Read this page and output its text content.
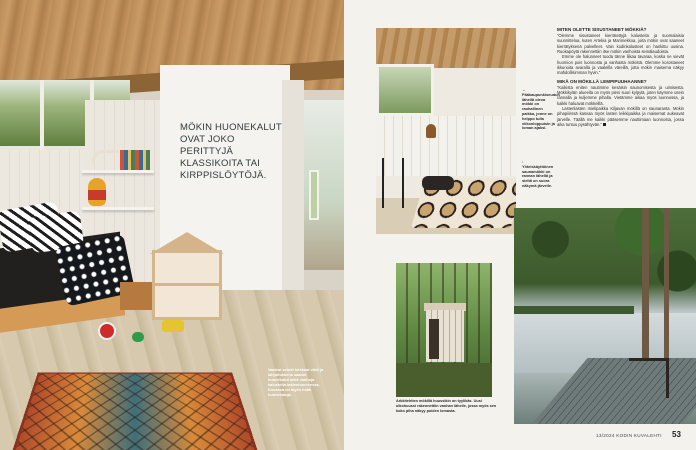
MÖKIN HUONEKALUT OVAT JOKO PERITTYJÄ KLASSIKOITA TAI KIRPPISLÖYTÖJÄ.
Vaaleat seinät kirkkaat värit ja lahjoituksena saadut huonekalut sekä vanhoja kalusteita lastenhuoneessa. Kuvassa on myös lisää huonekaluja.
← Pääkaupunkiseudun lähellä oleva mökki on rauhallinen paikka, jonne on helppo tulla viikonloppuisin ja loman ajaksi.
↓ Yhteiskäyttöinen saunamökki on rannan lähellä ja sieltä on suora näkymä järvelle.
MITEN OLETTE SISUSTANEET MÖKKIÄ?

”Olemme sisustaneet kierrätettyjä kalusteita ja suomalaisia suunnittelua, kuten Artekia ja Marimekkoa, joita mökin ovat saaneet kierrätyksenä palvelleet. Vain kodinkalusteet on hankittu uusina. Ruokapöytä rakennettiin itse mökin vanhoista seinälaudoista.

Emme ole halunneet tuoda tänne liikaa tavaraa, koska ne vievät huomion pois luonnosta ja vanhasta mökistä. Olemme korostaneet ikkunoita avaralla ja vaaleilla väreillä, jotta mökin maisema näkyy mahdollisimman hyvin.”

MIKÄ ON MÖKILLÄ LEMPIPUUHAANNE?

”Kaikista eniten nautimme kesäisin saunomisesta ja uimisesta. Mökkikylän alueella on myös pieni suuri kylpylä, joten käymme usein rannalla ja kuljemme pihalla. Vietämme aikaa myös luonnossa, ja kaikki haluavat mökkeillä.

Lastenlasten mielipaikka Kiljavan mökillä on saunaranta. Mökin pihapiirissä kasvaa myös lasten leikkipaikka ja maisemat aukeavat järvelle. Täällä me kaikki pääsemme nauttimaan luonnosta, jossa aika tuntuu pysähtyvän.”

Arkkitehtien mökillä huussikin on tyylikäs. Uusi ulkohuussi rakennettiin vanhan lähelle, jossa myös sen koko piha näkyy puiden lomasta.
13/2024 KODIN KUVALEHTI 53
